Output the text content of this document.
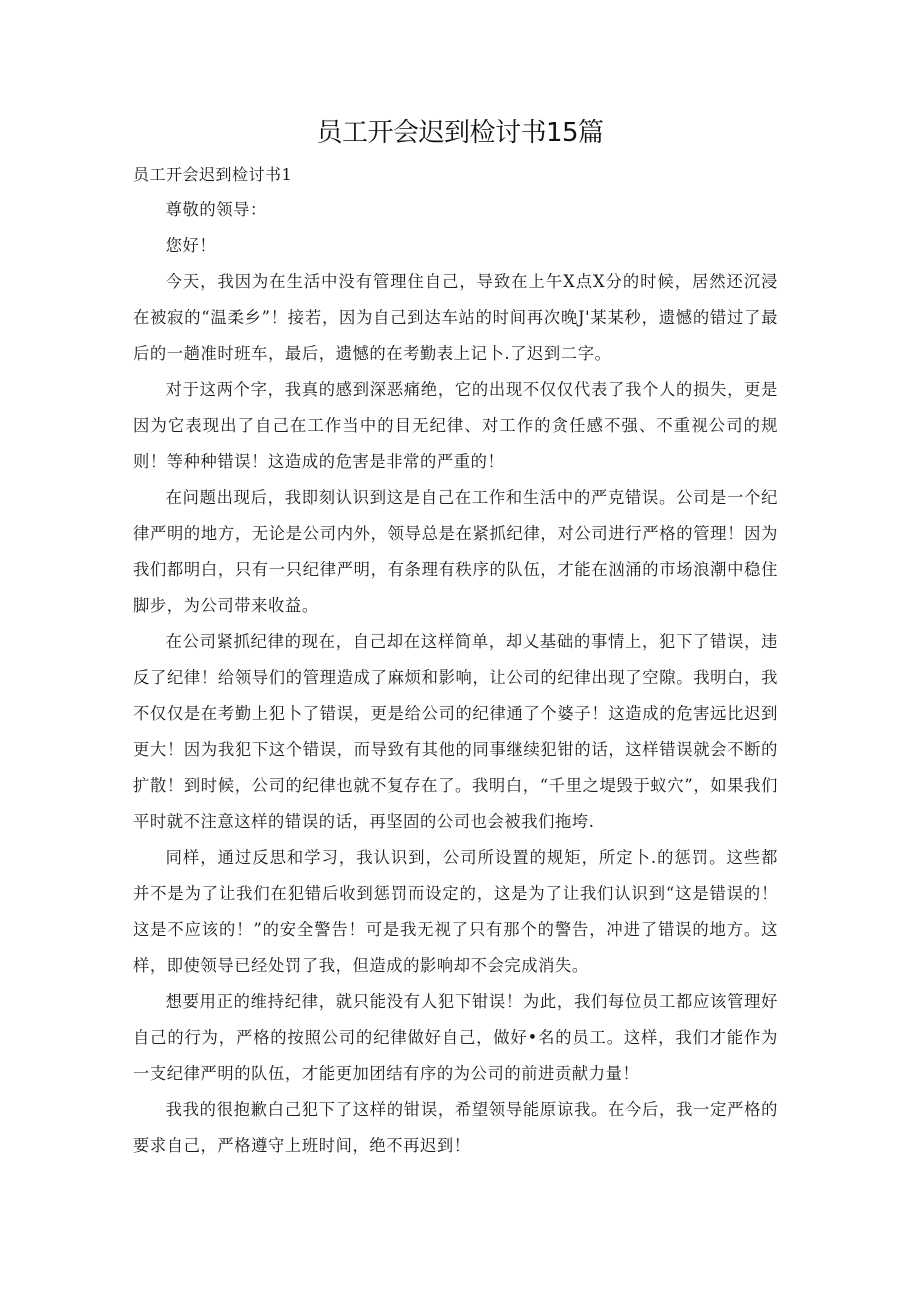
员工开会迟到检讨书15篇
员工开会迟到检讨书1

尊敬的领导：

您好！

今天，我因为在生活中没有管理住自己，导致在上午X点X分的时候，居然还沉浸在被寂的“温柔乡”！接若，因为自己到达车站的时间再次晚J'某某秒，遗憾的错过了最后的一趟准时班车，最后，遗憾的在考勤表上记卜.了迟到二字。

对于这两个字，我真的感到深恶痛绝，它的出现不仅仅代表了我个人的损失，更是因为它表现出了自己在工作当中的目无纪律、对工作的贪任感不强、不重视公司的规则！等种种错误！这造成的危害是非常的严重的！

在问题出现后，我即刻认识到这是自己在工作和生活中的严克错误。公司是一个纪律严明的地方，无论是公司内外，领导总是在紧抓纪律，对公司进行严格的管理！因为我们都明白，只有一只纪律严明，有条理有秩序的队伍，才能在汹涌的市场浪潮中稳住脚步，为公司带来收益。

在公司紧抓纪律的现在，自己却在这样简单，却乂基础的事情上，犯下了错误，违反了纪律！给领导们的管理造成了麻烦和影响，让公司的纪律出现了空隙。我明白，我不仅仅是在考勤上犯卜了错误，更是给公司的纪律通了个婆子！这造成的危害远比迟到更大！因为我犯下这个错误，而导致有其他的同事继续犯钳的话，这样错误就会不断的扩散！到时候，公司的纪律也就不复存在了。我明白，“千里之堤毁于蚁穴”，如果我们平时就不注意这样的错误的话，再坚固的公司也会被我们拖垮.

同样，通过反思和学习，我认识到，公司所设置的规矩，所定卜.的惩罚。这些都并不是为了让我们在犯错后收到惩罚而设定的，这是为了让我们认识到“这是错误的！这是不应该的！”的安全警告！可是我无视了只有那个的警告，冲进了错误的地方。这样，即使领导已经处罚了我，但造成的影响却不会完成消失。

想要用正的维持纪律，就只能没有人犯下钳误！为此，我们每位员工都应该管理好自己的行为，严格的按照公司的纪律做好自己，做好•名的员工。这样，我们才能作为一支纪律严明的队伍，才能更加团结有序的为公司的前进贡献力量！

我我的很抱歉白己犯下了这样的钳误，希望领导能原谅我。在今后，我一定严格的要求自己，严格遵守上班时间，绝不再迟到！
